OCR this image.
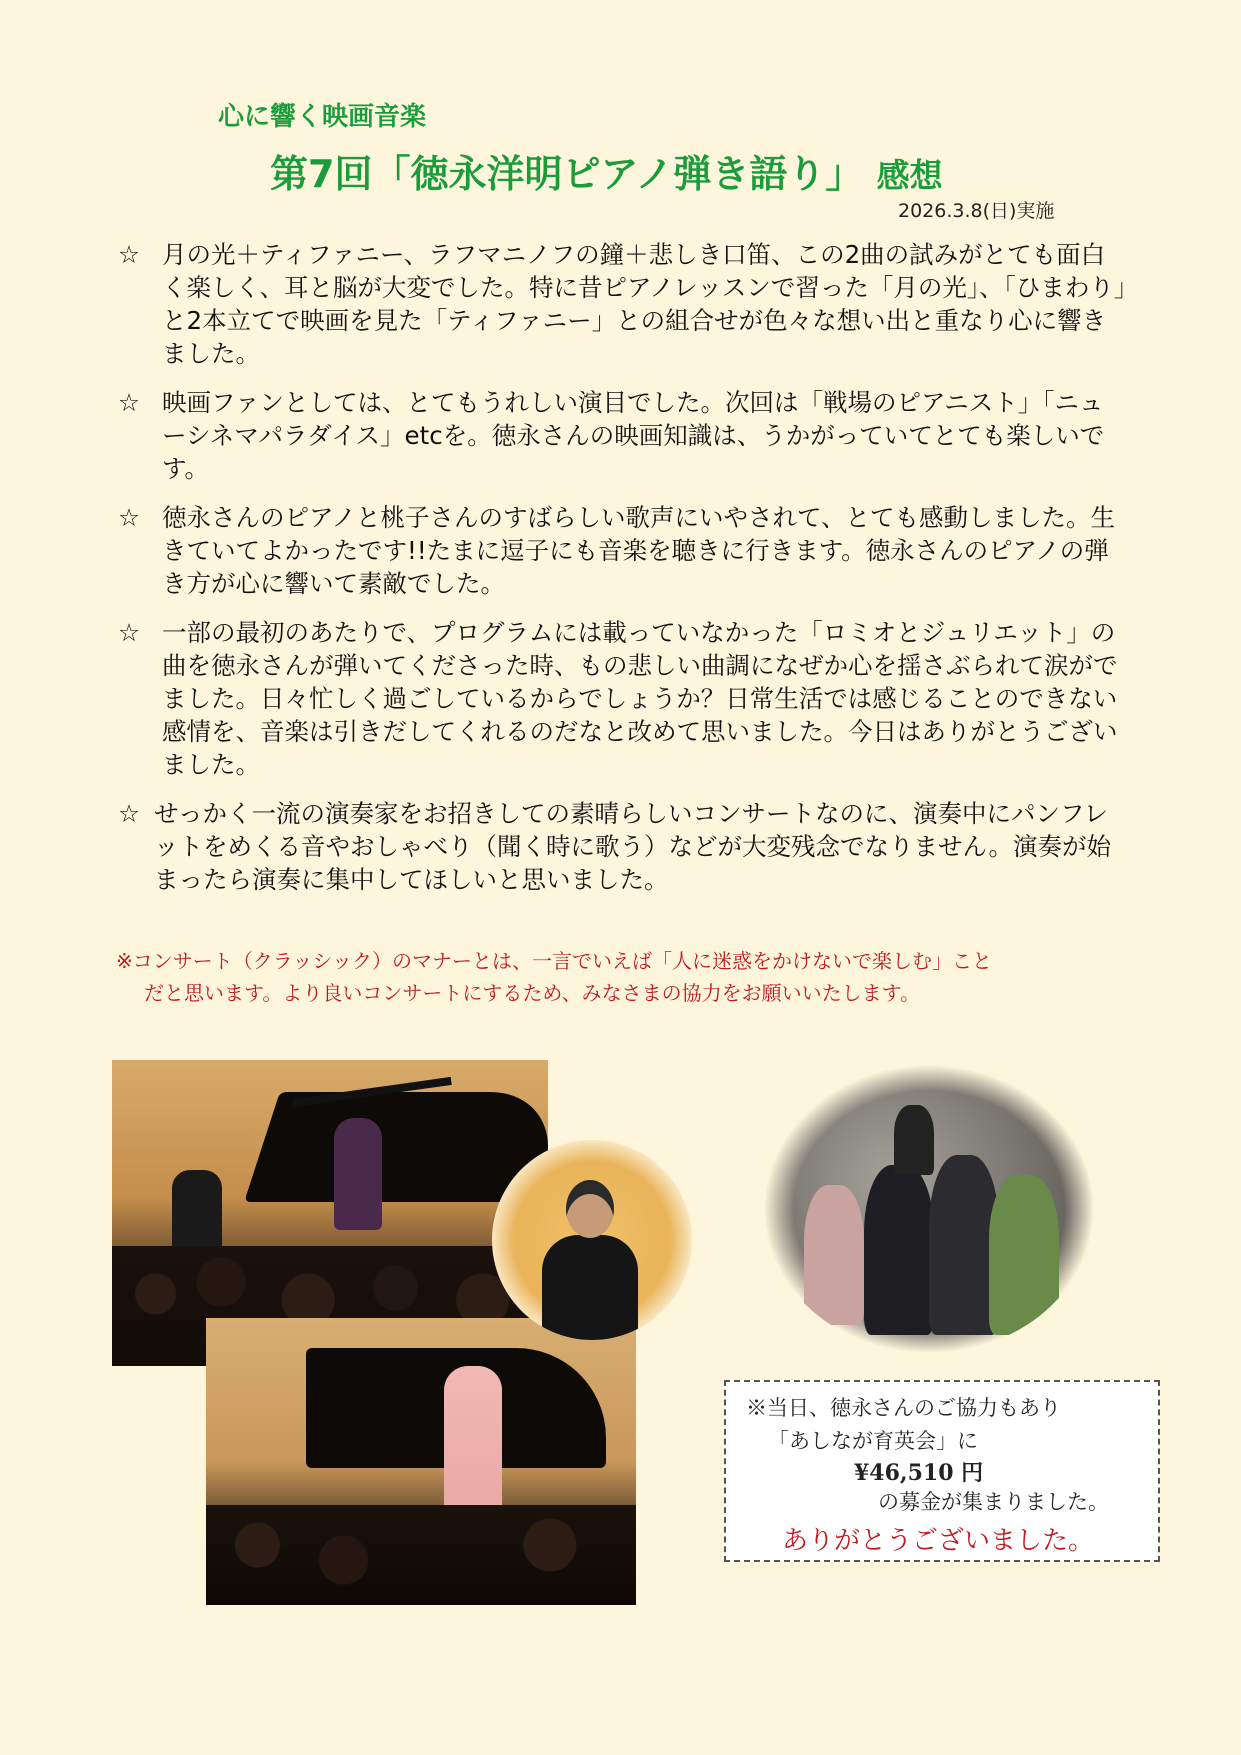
心に響く映画音楽
第7回「徳永洋明ピアノ弾き語り」 感想
2026.3.8(日)実施
☆ 月の光＋ティファニー、ラフマニノフの鐘＋悲しき口笛、この2曲の試みがとても面白く楽しく、耳と脳が大変でした。特に昔ピアノレッスンで習った「月の光」、「ひまわり」と2本立てで映画を見た「ティファニー」との組合せが色々な想い出と重なり心に響きました。
☆ 映画ファンとしては、とてもうれしい演目でした。次回は「戦場のピアニスト」「ニューシネマパラダイス」etcを。徳永さんの映画知識は、うかがっていてとても楽しいです。
☆ 徳永さんのピアノと桃子さんのすばらしい歌声にいやされて、とても感動しました。生きていてよかったです!!たまに逗子にも音楽を聴きに行きます。徳永さんのピアノの弾き方が心に響いて素敵でした。
☆ 一部の最初のあたりで、プログラムには載っていなかった「ロミオとジュリエット」の曲を徳永さんが弾いてくださった時、もの悲しい曲調になぜか心を揺さぶられて涙がでました。日々忙しく過ごしているからでしょうか？日常生活では感じることのできない感情を、音楽は引きだしてくれるのだなと改めて思いました。今日はありがとうございました。
☆ せっかく一流の演奏家をお招きしての素晴らしいコンサートなのに、演奏中にパンフレットをめくる音やおしゃべり（聞く時に歌う）などが大変残念でなりません。演奏が始まったら演奏に集中してほしいと思いました。
※コンサート（クラッシック）のマナーとは、一言でいえば「人に迷惑をかけないで楽しむ」こと
だと思います。より良いコンサートにするため、みなさまの協力をお願いいたします。
※当日、徳永さんのご協力もあり
「あしなが育英会」に
¥46,510 円
の募金が集まりました。
ありがとうございました。
